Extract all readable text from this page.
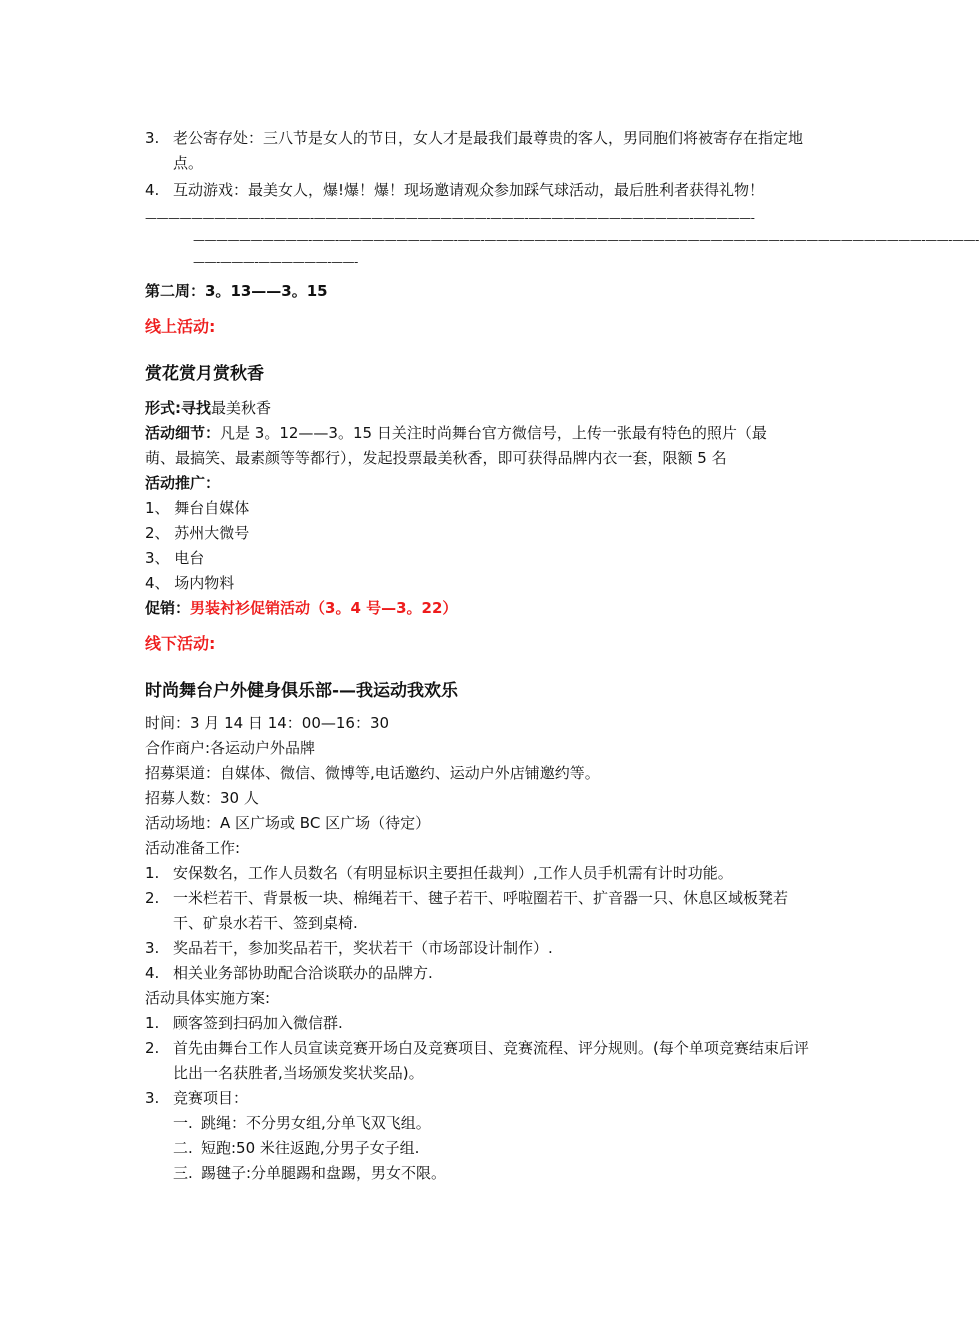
3. 老公寄存处：三八节是女人的节日，女人才是最我们最尊贵的客人，男同胞们将被寄存在指定地点。
4. 互动游戏：最美女人，爆!爆！爆！现场邀请观众参加踩气球活动，最后胜利者获得礼物！
——————————-————-———————————————-———-——————————————-—————-
——————————-——-——————————-——-———-————-——————————————————-————————————-——-——-
——-———-——————-——-
第二周：3。13——3。15
线上活动:
赏花赏月赏秋香
形式:寻找最美秋香
活动细节：凡是 3。12——3。15 日关注时尚舞台官方微信号，上传一张最有特色的照片（最
萌、最搞笑、最素颜等等都行），发起投票最美秋香，即可获得品牌内衣一套，限额 5 名
活动推广：
1、 舞台自媒体
2、 苏州大微号
3、 电台
4、 场内物料
促销：男装衬衫促销活动（3。4 号—3。22）
线下活动:
时尚舞台户外健身俱乐部-—我运动我欢乐
时间：3 月 14 日 14：00—16：30
合作商户:各运动户外品牌
招募渠道：自媒体、微信、微博等,电话邀约、运动户外店铺邀约等。
招募人数：30 人
活动场地：A 区广场或 BC 区广场（待定）
活动准备工作:
1. 安保数名，工作人员数名（有明显标识主要担任裁判）,工作人员手机需有计时功能。
2. 一米栏若干、背景板一块、棉绳若干、毽子若干、呼啦圈若干、扩音器一只、休息区域板凳若干、矿泉水若干、签到桌椅.
3. 奖品若干，参加奖品若干，奖状若干（市场部设计制作）.
4. 相关业务部协助配合洽谈联办的品牌方.
活动具体实施方案:
1. 顾客签到扫码加入微信群.
2. 首先由舞台工作人员宣读竞赛开场白及竞赛项目、竞赛流程、评分规则。(每个单项竞赛结束后评比出一名获胜者,当场颁发奖状奖品)。
3. 竞赛项目：
一. 跳绳：不分男女组,分单飞双飞组。
二. 短跑:50 米往返跑,分男子女子组.
三. 踢毽子:分单腿踢和盘踢，男女不限。
